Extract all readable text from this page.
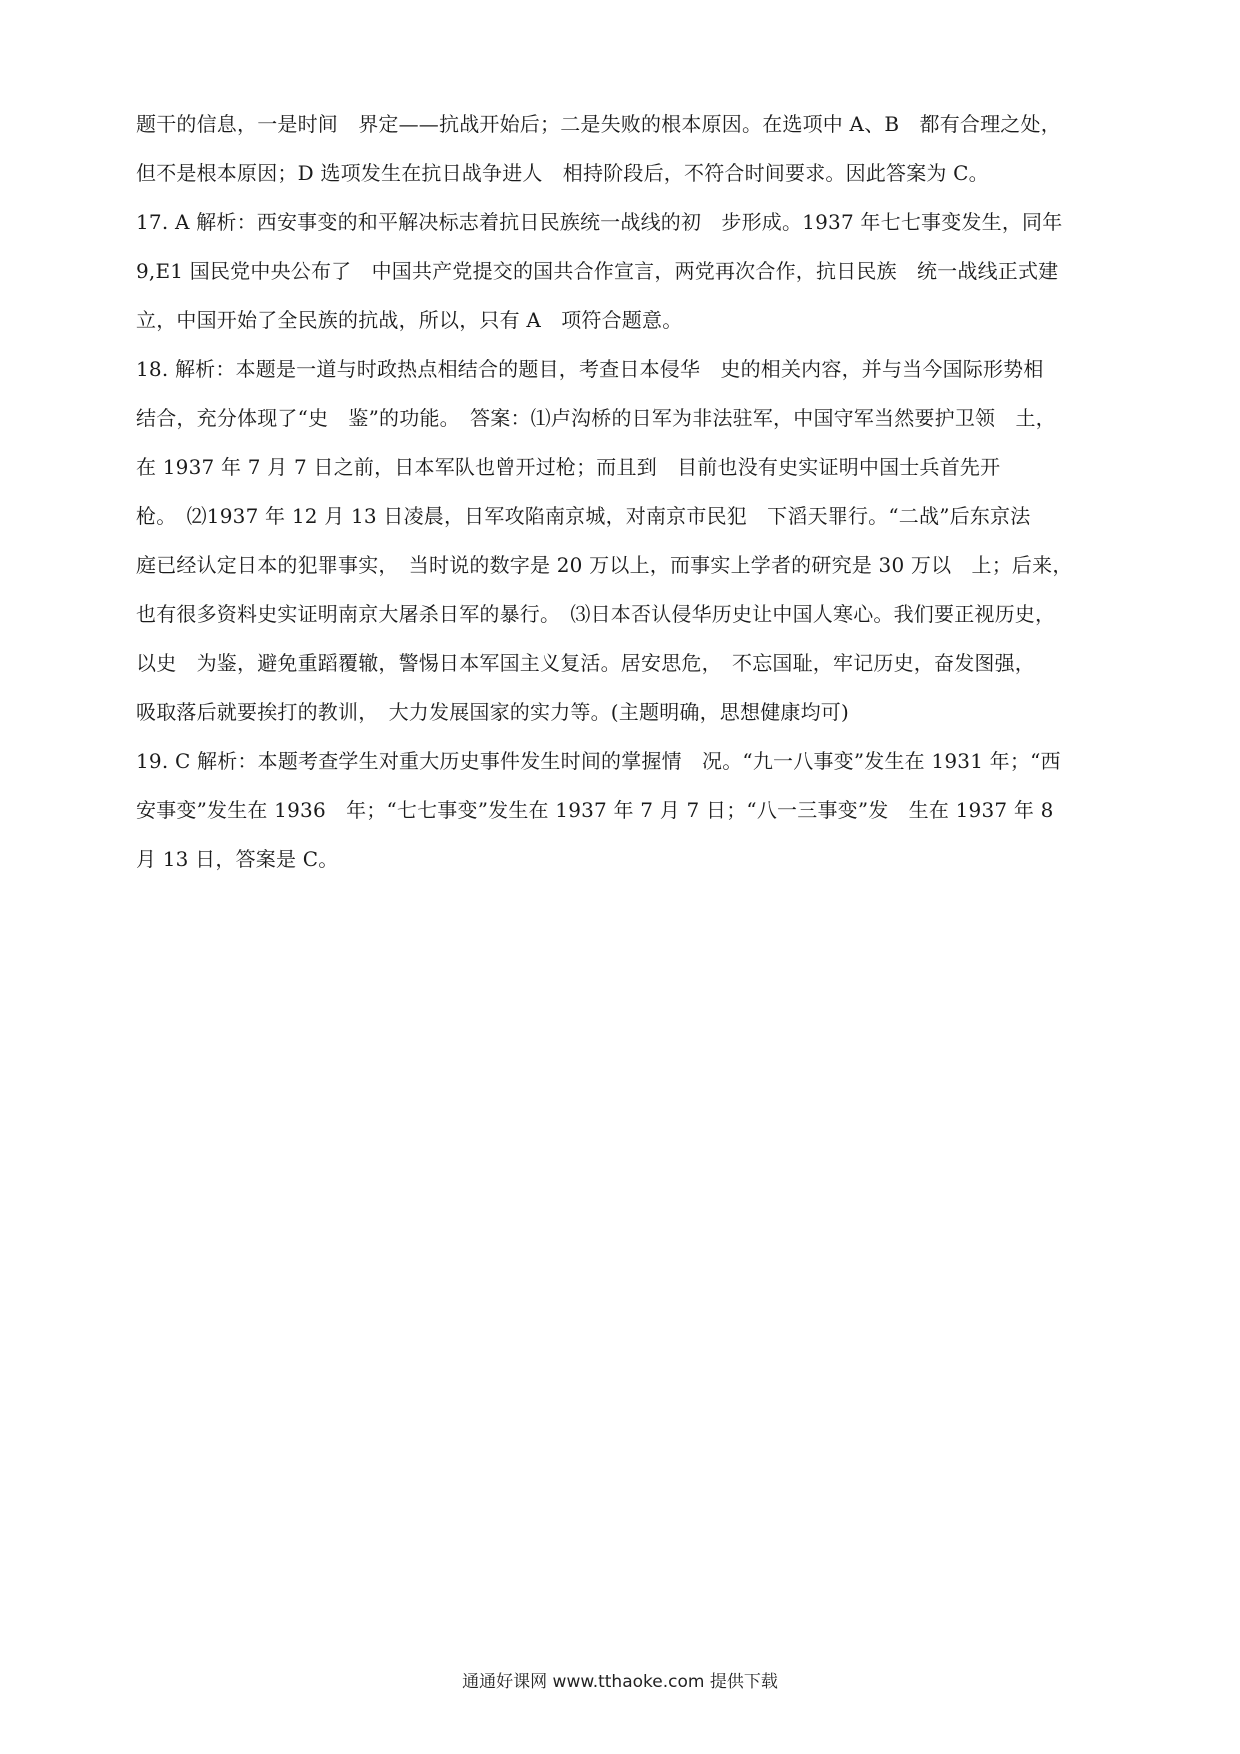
题干的信息，一是时间　界定——抗战开始后；二是失败的根本原因。在选项中 A、B　都有合理之处，
但不是根本原因；D 选项发生在抗日战争进人　相持阶段后，不符合时间要求。因此答案为 C。
17. A 解析：西安事变的和平解决标志着抗日民族统一战线的初　步形成。1937 年七七事变发生，同年
9,E1 国民党中央公布了　中国共产党提交的国共合作宣言，两党再次合作，抗日民族　统一战线正式建
立，中国开始了全民族的抗战，所以，只有 A　项符合题意。
18. 解析：本题是一道与时政热点相结合的题目，考查日本侵华　史的相关内容，并与当今国际形势相
结合，充分体现了“史　鉴”的功能。　答案：⑴卢沟桥的日军为非法驻军，中国守军当然要护卫领　土，
在 1937 年 7 月 7 日之前，日本军队也曾开过枪；而且到　目前也没有史实证明中国士兵首先开
枪。　⑵1937 年 12 月 13 日凌晨，日军攻陷南京城，对南京市民犯　下滔天罪行。“二战”后东京法
庭已经认定日本的犯罪事实，　当时说的数字是 20 万以上，而事实上学者的研究是 30 万以　上；后来，
也有很多资料史实证明南京大屠杀日军的暴行。　⑶日本否认侵华历史让中国人寒心。我们要正视历史，
以史　为鉴，避免重蹈覆辙，警惕日本军国主义复活。居安思危，　不忘国耻，牢记历史，奋发图强，
吸取落后就要挨打的教训，　大力发展国家的实力等。(主题明确，思想健康均可)
19. C 解析：本题考查学生对重大历史事件发生时间的掌握情　况。“九一八事变”发生在 1931 年；“西
安事变”发生在 1936　年；“七七事变”发生在 1937 年 7 月 7 日；“八一三事变”发　生在 1937 年 8
月 13 日，答案是 C。
通通好课网 www.tthaoke.com 提供下载
